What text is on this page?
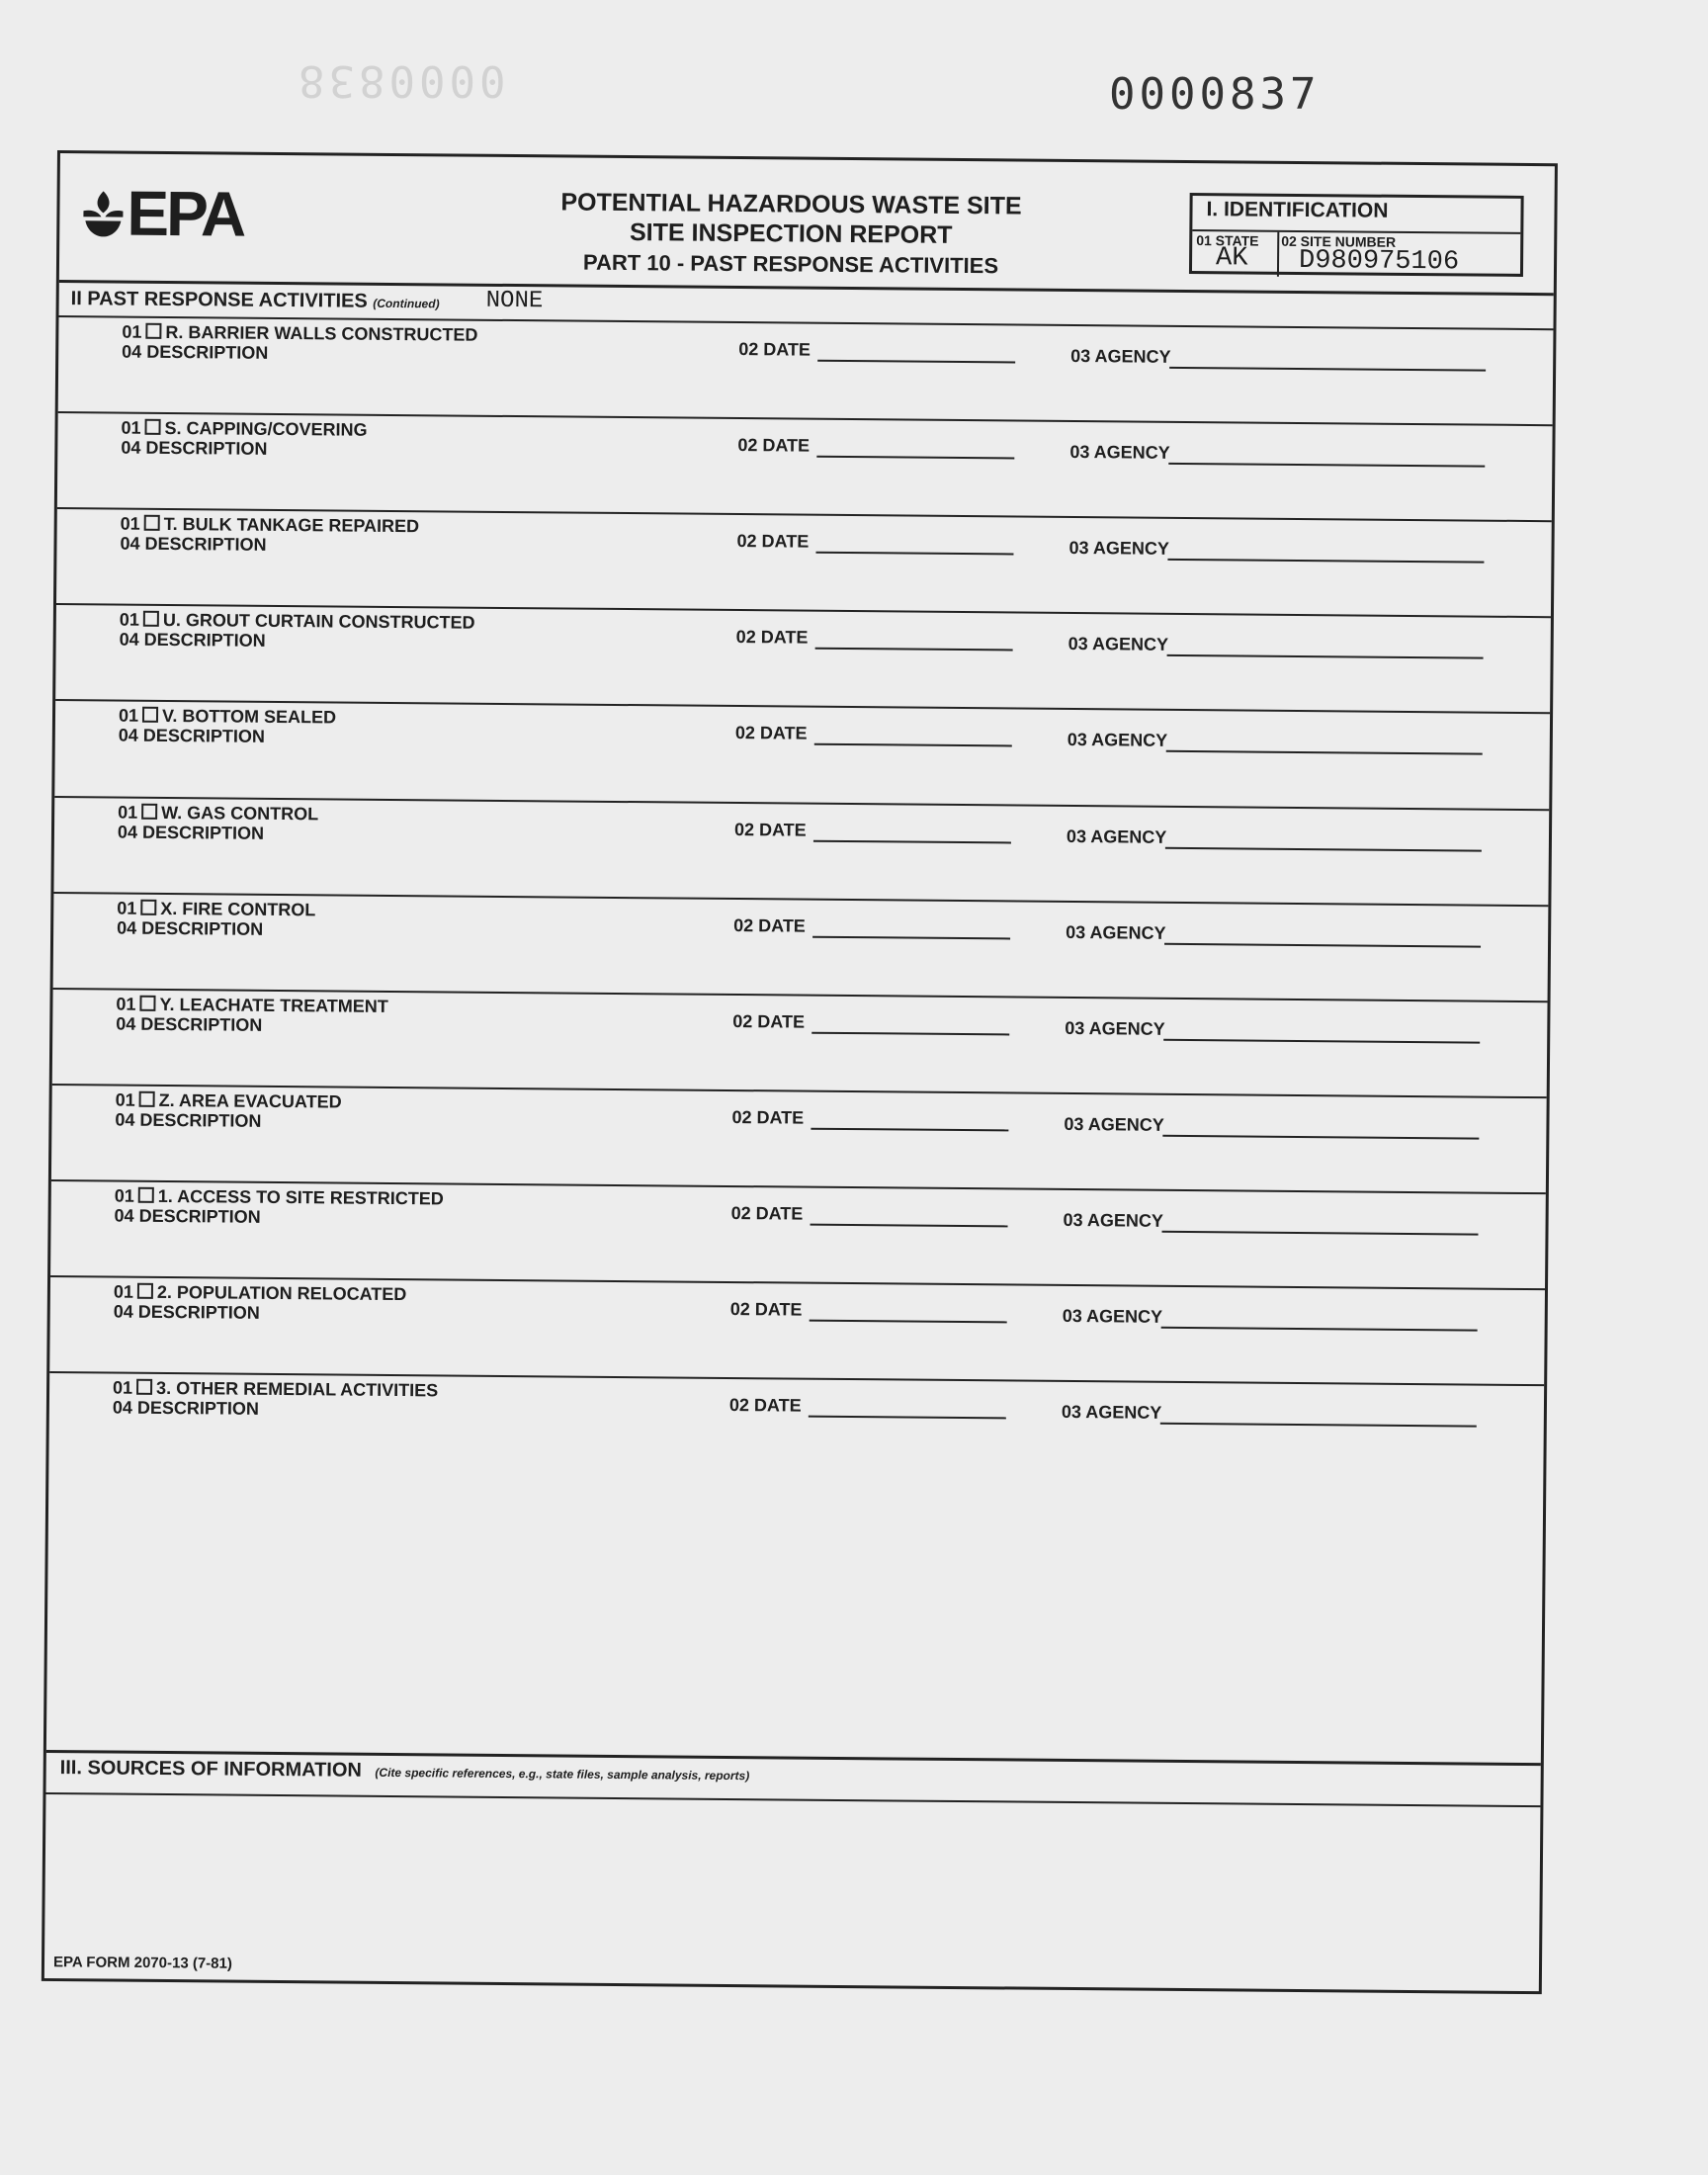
0000837
0000838
EPA	POTENTIAL HAZARDOUS WASTE SITE
SITE INSPECTION REPORT
PART 10 - PAST RESPONSE ACTIVITIES
I. IDENTIFICATION
01 STATE
AK
02 SITE NUMBER
D980975106
II PAST RESPONSE ACTIVITIES (Continued) NONE
01 R. BARRIER WALLS CONSTRUCTED
04 DESCRIPTION	02 DATE	03 AGENCY
01 S. CAPPING/COVERING
04 DESCRIPTION	02 DATE	03 AGENCY
01 T. BULK TANKAGE REPAIRED
04 DESCRIPTION	02 DATE	03 AGENCY
01 U. GROUT CURTAIN CONSTRUCTED
04 DESCRIPTION	02 DATE	03 AGENCY
01 V. BOTTOM SEALED
04 DESCRIPTION	02 DATE	03 AGENCY
01 W. GAS CONTROL
04 DESCRIPTION	02 DATE	03 AGENCY
01 X. FIRE CONTROL
04 DESCRIPTION	02 DATE	03 AGENCY
01 Y. LEACHATE TREATMENT
04 DESCRIPTION	02 DATE	03 AGENCY
01 Z. AREA EVACUATED
04 DESCRIPTION	02 DATE	03 AGENCY
01 1. ACCESS TO SITE RESTRICTED
04 DESCRIPTION	02 DATE	03 AGENCY
01 2. POPULATION RELOCATED
04 DESCRIPTION	02 DATE	03 AGENCY
01 3. OTHER REMEDIAL ACTIVITIES
04 DESCRIPTION	02 DATE	03 AGENCY
III. SOURCES OF INFORMATION (Cite specific references, e.g., state files, sample analysis, reports)
EPA FORM 2070-13 (7-81)
